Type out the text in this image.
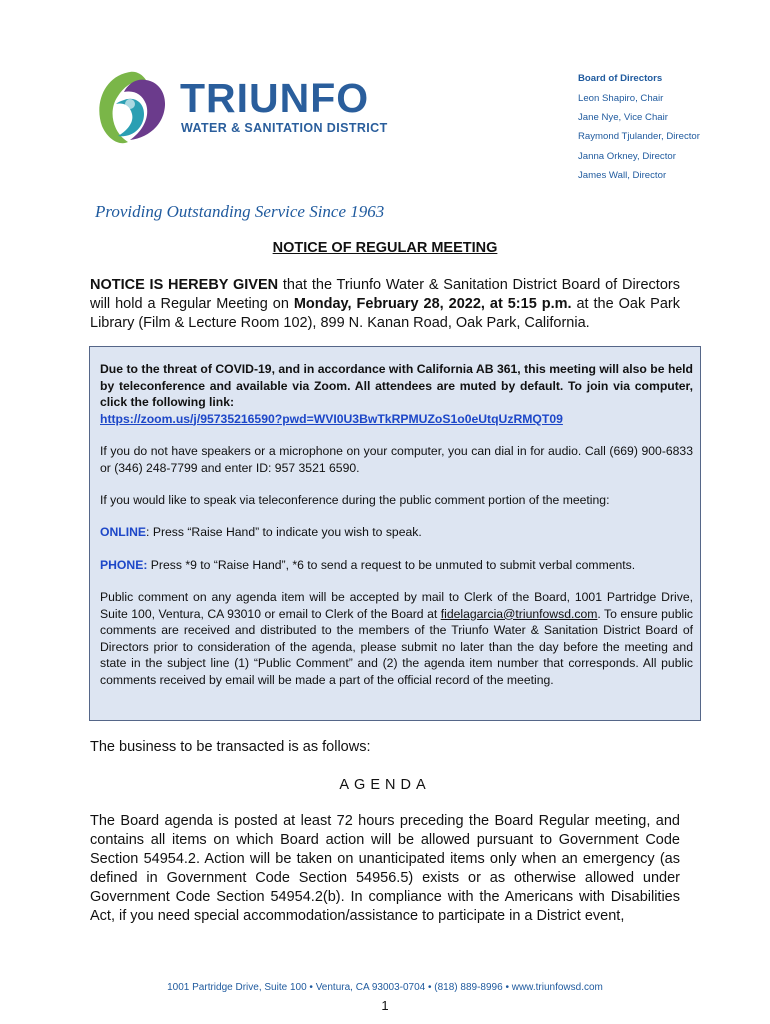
TRIUNFO
WATER & SANITATION DISTRICT
Board of Directors
Leon Shapiro, Chair
Jane Nye, Vice Chair
Raymond Tjulander, Director
Janna Orkney, Director
James Wall, Director
Providing Outstanding Service Since 1963
NOTICE OF REGULAR MEETING
NOTICE IS HEREBY GIVEN that the Triunfo Water & Sanitation District Board of Directors will hold a Regular Meeting on Monday, February 28, 2022, at 5:15 p.m. at the Oak Park Library (Film & Lecture Room 102), 899 N. Kanan Road, Oak Park, California.

Due to the threat of COVID-19, and in accordance with California AB 361, this meeting will also be held by teleconference and available via Zoom. All attendees are muted by default. To join via computer, click the following link:
https://zoom.us/j/95735216590?pwd=WVI0U3BwTkRPMUZoS1o0eUtqUzRMQT09

If you do not have speakers or a microphone on your computer, you can dial in for audio. Call (669) 900-6833 or (346) 248-7799 and enter ID: 957 3521 6590.

If you would like to speak via teleconference during the public comment portion of the meeting:

ONLINE: Press “Raise Hand” to indicate you wish to speak.

PHONE: Press *9 to “Raise Hand”, *6 to send a request to be unmuted to submit verbal comments.

Public comment on any agenda item will be accepted by mail to Clerk of the Board, 1001 Partridge Drive, Suite 100, Ventura, CA 93010 or email to Clerk of the Board at fidelagarcia@triunfowsd.com. To ensure public comments are received and distributed to the members of the Triunfo Water & Sanitation District Board of Directors prior to consideration of the agenda, please submit no later than the day before the meeting and state in the subject line (1) “Public Comment” and (2) the agenda item number that corresponds. All public comments received by email will be made a part of the official record of the meeting.

The business to be transacted is as follows:
AGENDA
The Board agenda is posted at least 72 hours preceding the Board Regular meeting, and contains all items on which Board action will be allowed pursuant to Government Code Section 54954.2. Action will be taken on unanticipated items only when an emergency (as defined in Government Code Section 54956.5) exists or as otherwise allowed under Government Code Section 54954.2(b). In compliance with the Americans with Disabilities Act, if you need special accommodation/assistance to participate in a District event,
1001 Partridge Drive, Suite 100 • Ventura, CA 93003-0704 • (818) 889-8996 • www.triunfowsd.com
1
